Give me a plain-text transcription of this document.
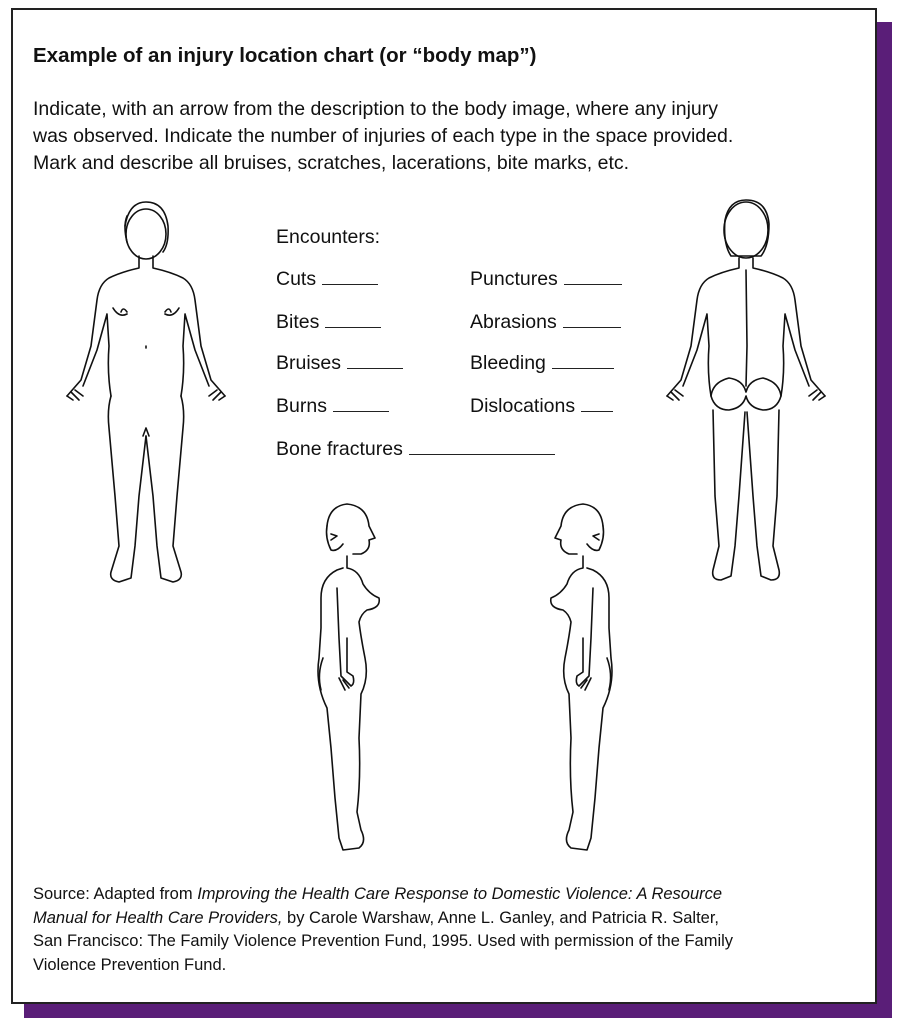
Example of an injury location chart (or “body map”)
Indicate, with an arrow from the description to the body image, where any injury
was observed. Indicate the number of injuries of each type in the space provided.
Mark and describe all bruises, scratches, lacerations, bite marks, etc.
Encounters:
Cuts	Punctures
Bites	Abrasions
Bruises	Bleeding
Burns	Dislocations
Bone fractures
Source: Adapted from Improving the Health Care Response to Domestic Violence: A Resource
Manual for Health Care Providers, by Carole Warshaw, Anne L. Ganley, and Patricia R. Salter,
San Francisco: The Family Violence Prevention Fund, 1995. Used with permission of the Family
Violence Prevention Fund.
